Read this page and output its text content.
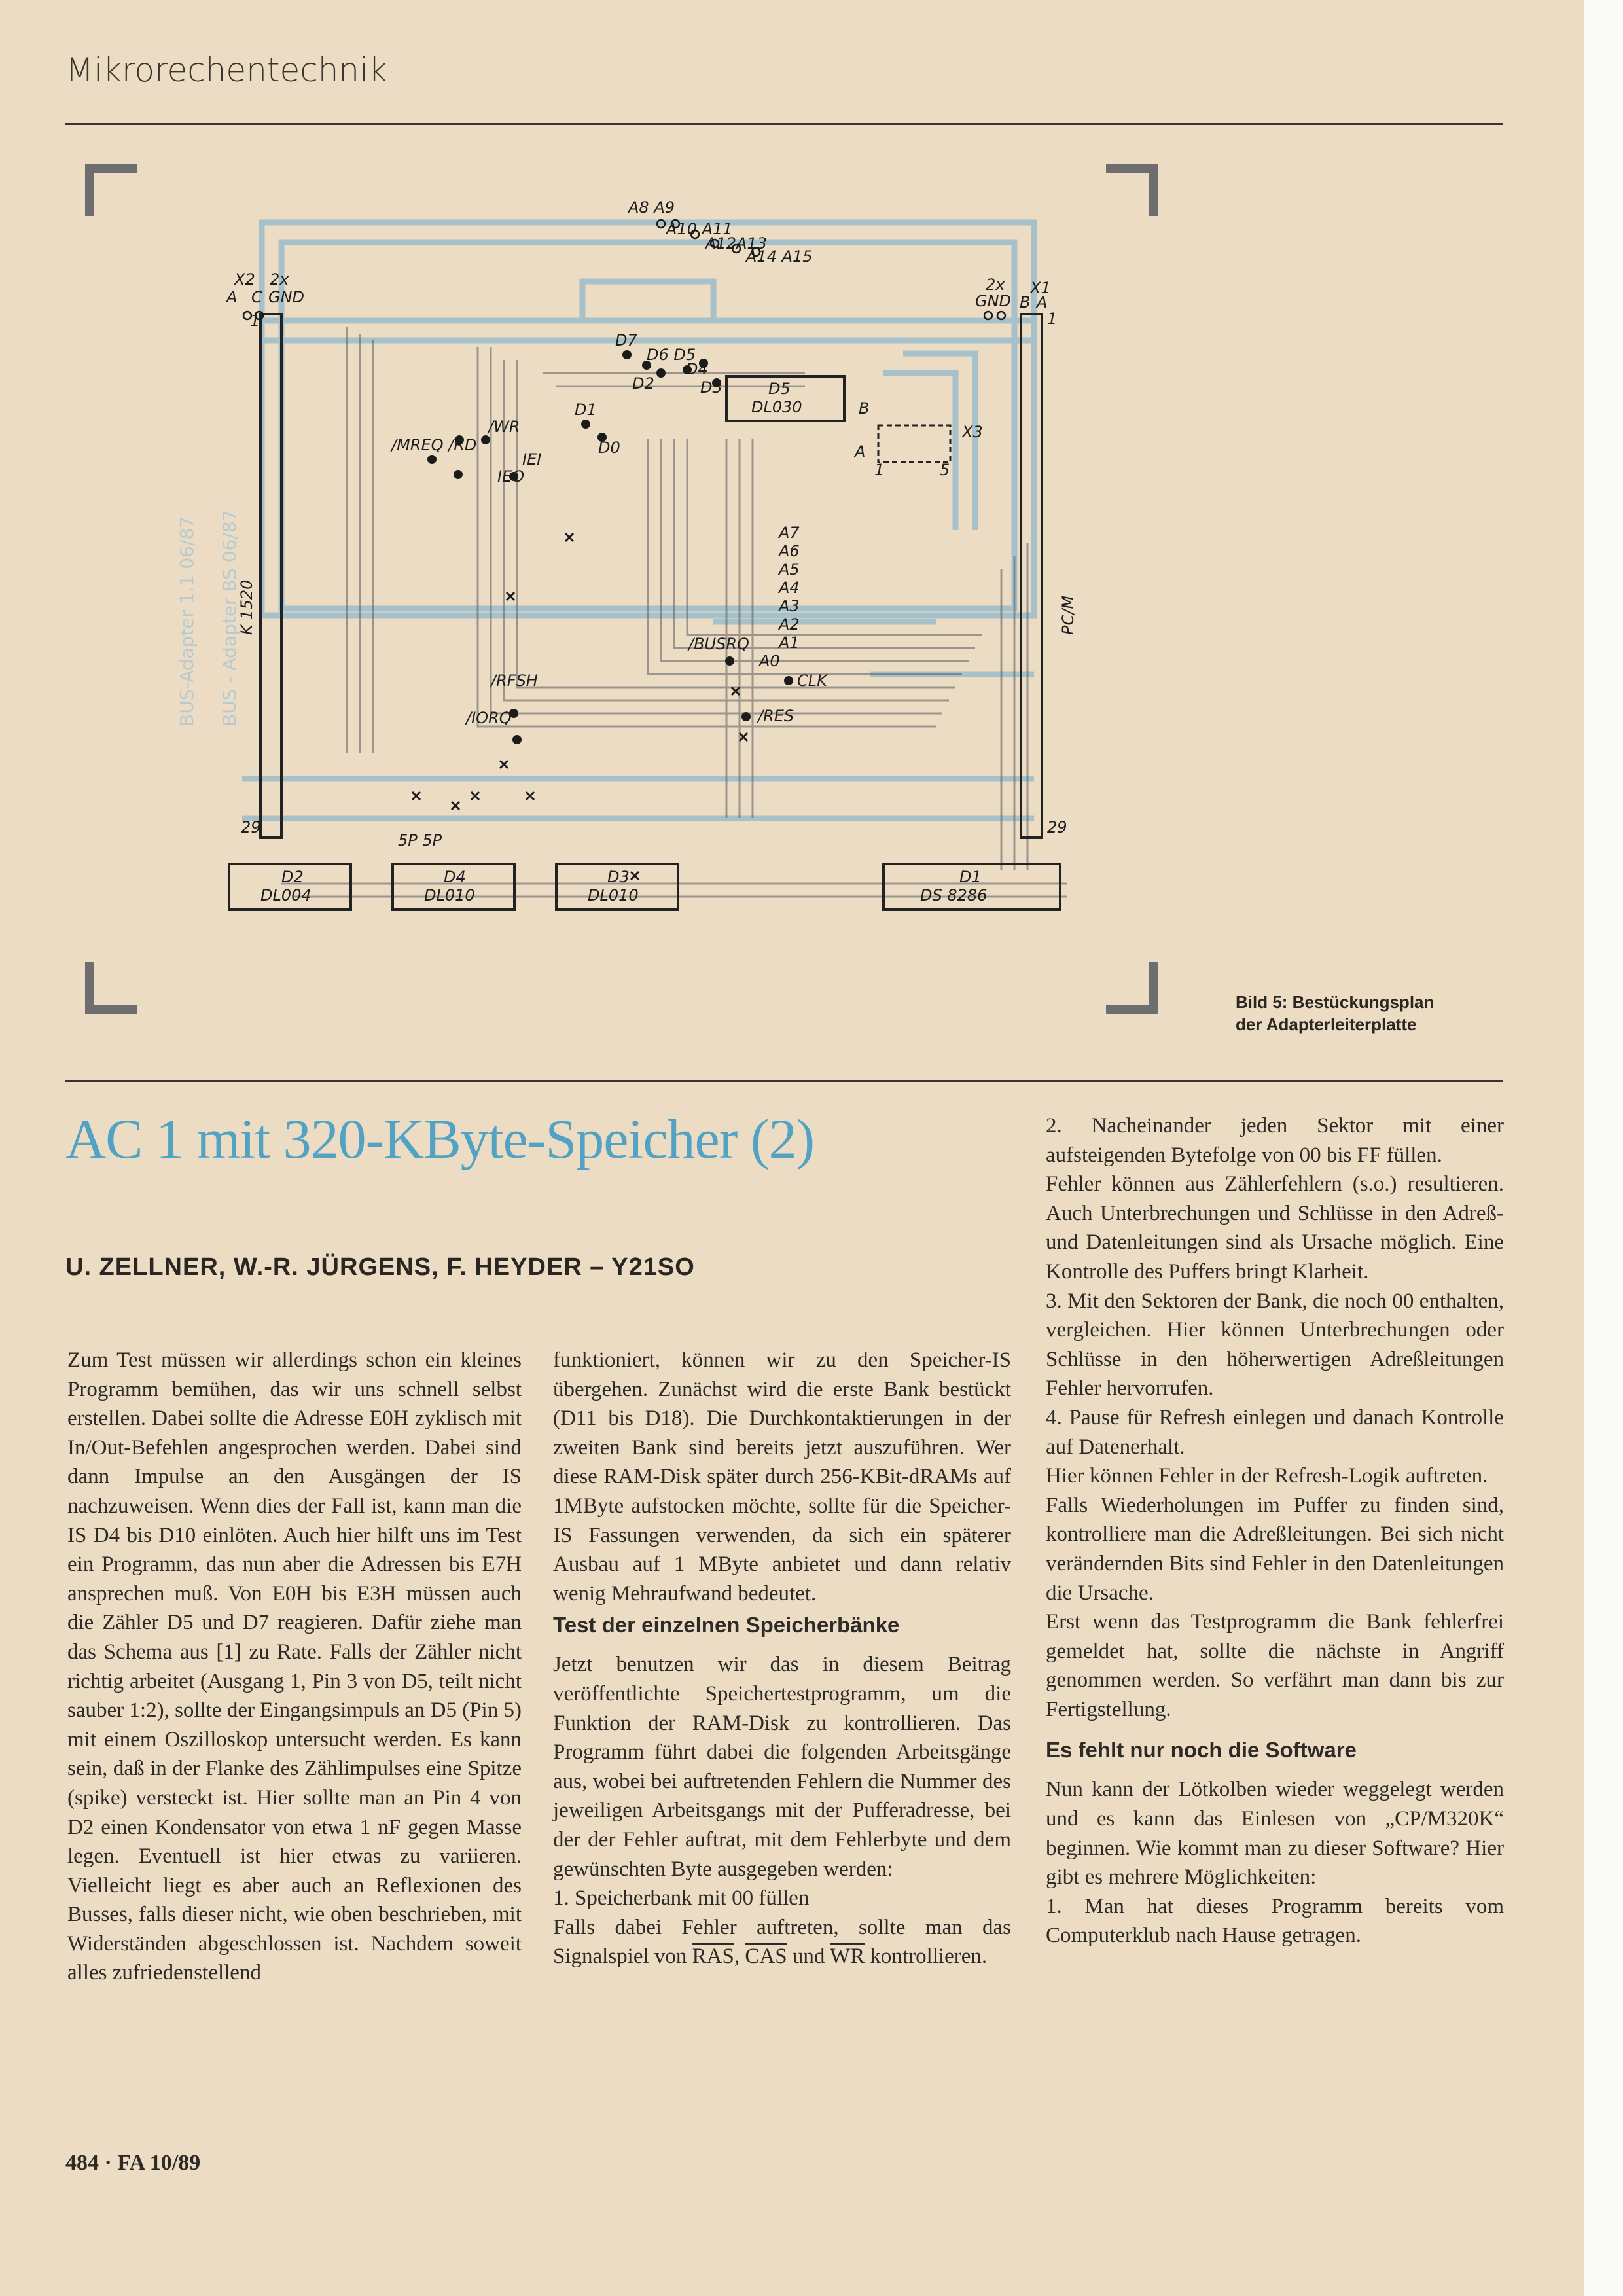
Mikrorechentechnik
BUS-Adapter 1.1 06/87 BUS - Adapter BS 06/87
A8 A9
A10 A11
A12A13
A14 A15
X2 2x
A C GND
1
29
X1
2x
GND B A
1
29
K 1520	PC/M
D7
D6 D5
D4
D2	D3
D1
D0
/WR
/MREQ /RD
IEI
IEO
A7
A6
A5
A4
A3
A2
A1
A0
/BUSRQ
CLK
/RES
/RFSH
/IORQ
X3
A
B
1	5
5P 5P
D5
DL030
D2
DL004
D4
DL010
D3
DL010
D1
DS 8286
Bild 5: Bestückungsplan
der Adapterleiterplatte
AC 1 mit 320-KByte-Speicher (2)
U. ZELLNER, W.-R. JÜRGENS, F. HEYDER – Y21SO

Zum Test müssen wir allerdings schon ein kleines Programm bemühen, das wir uns schnell selbst erstellen. Dabei sollte die Adresse E0H zyklisch mit In/Out-Befehlen angesprochen werden. Dabei sind dann Impulse an den Ausgängen der IS nachzuweisen. Wenn dies der Fall ist, kann man die IS D4 bis D10 einlöten. Auch hier hilft uns im Test ein Programm, das nun aber die Adressen bis E7H ansprechen muß. Von E0H bis E3H müssen auch die Zähler D5 und D7 reagieren. Dafür ziehe man das Schema aus [1] zu Rate. Falls der Zähler nicht richtig arbeitet (Ausgang 1, Pin 3 von D5, teilt nicht sauber 1:2), sollte der Eingangsimpuls an D5 (Pin 5) mit einem Oszilloskop untersucht werden. Es kann sein, daß in der Flanke des Zählimpulses eine Spitze (spike) versteckt ist. Hier sollte man an Pin 4 von D2 einen Kondensator von etwa 1 nF gegen Masse legen. Eventuell ist hier etwas zu variieren. Vielleicht liegt es aber auch an Reflexionen des Busses, falls dieser nicht, wie oben beschrieben, mit Widerständen abgeschlossen ist. Nachdem soweit alles zufriedenstellend

funktioniert, können wir zu den Speicher-IS übergehen. Zunächst wird die erste Bank bestückt (D11 bis D18). Die Durchkontaktierungen in der zweiten Bank sind bereits jetzt auszuführen. Wer diese RAM-Disk später durch 256-KBit-dRAMs auf 1MByte aufstocken möchte, sollte für die Speicher-IS Fassungen verwenden, da sich ein späterer Ausbau auf 1 MByte anbietet und dann relativ wenig Mehraufwand bedeutet.

Test der einzelnen Speicherbänke

Jetzt benutzen wir das in diesem Beitrag veröffentlichte Speichertestprogramm, um die Funktion der RAM-Disk zu kontrollieren. Das Programm führt dabei die folgenden Arbeitsgänge aus, wobei bei auftretenden Fehlern die Nummer des jeweiligen Arbeitsgangs mit der Pufferadresse, bei der der Fehler auftrat, mit dem Fehlerbyte und dem gewünschten Byte ausgegeben werden:

1. Speicherbank mit 00 füllen

Falls dabei Fehler auftreten, sollte man das Signalspiel von $\overline{RAS}$, $\overline{CAS}$ und $\overline{WR}$ kontrollieren.

2. Nacheinander jeden Sektor mit einer aufsteigenden Bytefolge von 00 bis FF füllen.

Fehler können aus Zählerfehlern (s.o.) resultieren. Auch Unterbrechungen und Schlüsse in den Adreß- und Datenleitungen sind als Ursache möglich. Eine Kontrolle des Puffers bringt Klarheit.

3. Mit den Sektoren der Bank, die noch 00 enthalten, vergleichen. Hier können Unterbrechungen oder Schlüsse in den höherwertigen Adreßleitungen Fehler hervorrufen.

4. Pause für Refresh einlegen und danach Kontrolle auf Datenerhalt.

Hier können Fehler in der Refresh-Logik auftreten.

Falls Wiederholungen im Puffer zu finden sind, kontrolliere man die Adreßleitungen. Bei sich nicht verändernden Bits sind Fehler in den Datenleitungen die Ursache.

Erst wenn das Testprogramm die Bank fehlerfrei gemeldet hat, sollte die nächste in Angriff genommen werden. So verfährt man dann bis zur Fertigstellung.

Es fehlt nur noch die Software

Nun kann der Lötkolben wieder weggelegt werden und es kann das Einlesen von „CP/M320K“ beginnen. Wie kommt man zu dieser Software? Hier gibt es mehrere Möglichkeiten:

1. Man hat dieses Programm bereits vom Computerklub nach Hause getragen.

484 · FA 10/89
